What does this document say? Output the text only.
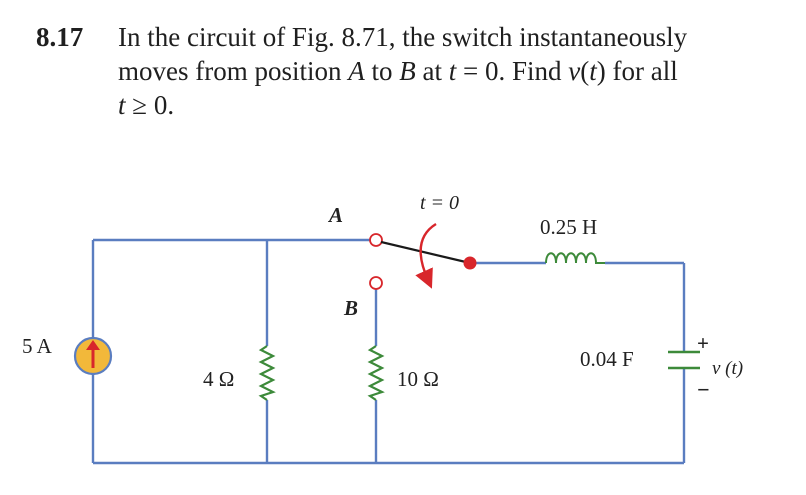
8.17 In the circuit of Fig. 8.71, the switch instantaneously
moves from position A to B at t = 0. Find v(t) for all
t ≥ 0.
5 A
4 Ω	10 Ω
t = 0
A
B
0.25 H
0.04 F
+
−
v (t)
